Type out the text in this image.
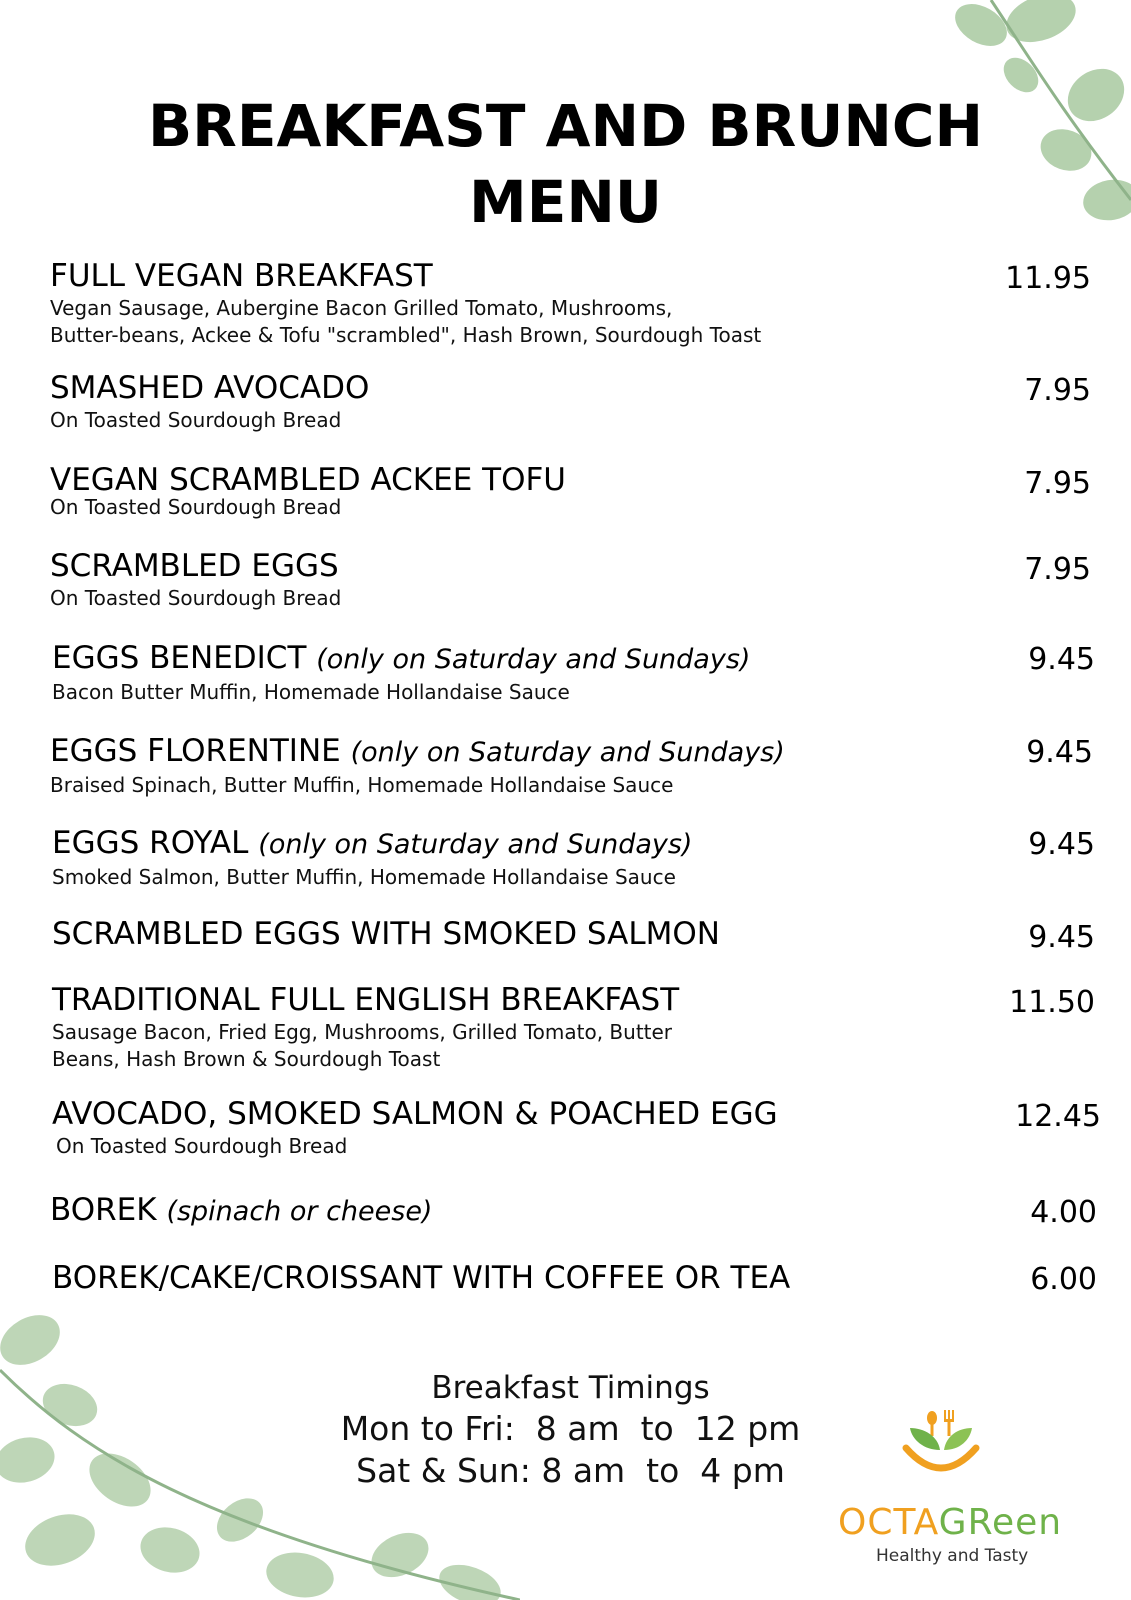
BREAKFAST AND BRUNCH
MENU
FULL VEGAN BREAKFAST
Vegan Sausage, Aubergine Bacon Grilled Tomato, Mushrooms,
Butter-beans, Ackee & Tofu "scrambled", Hash Brown, Sourdough Toast
11.95
SMASHED AVOCADO
On Toasted Sourdough Bread
7.95
VEGAN SCRAMBLED ACKEE TOFU
On Toasted Sourdough Bread
7.95
SCRAMBLED EGGS
On Toasted Sourdough Bread
7.95
EGGS BENEDICT (only on Saturday and Sundays)
Bacon Butter Muffin, Homemade Hollandaise Sauce
9.45
EGGS FLORENTINE (only on Saturday and Sundays)
Braised Spinach, Butter Muffin, Homemade Hollandaise Sauce
9.45
EGGS ROYAL (only on Saturday and Sundays)
Smoked Salmon, Butter Muffin, Homemade Hollandaise Sauce
9.45
SCRAMBLED EGGS WITH SMOKED SALMON	9.45
TRADITIONAL FULL ENGLISH BREAKFAST
Sausage Bacon, Fried Egg, Mushrooms, Grilled Tomato, Butter
Beans, Hash Brown & Sourdough Toast
11.50
AVOCADO, SMOKED SALMON & POACHED EGG
On Toasted Sourdough Bread
12.45
BOREK (spinach or cheese)	4.00
BOREK/CAKE/CROISSANT WITH COFFEE OR TEA	6.00
Breakfast Timings
Mon to Fri:  8 am  to  12 pm
Sat & Sun: 8 am  to  4 pm
OCTAGReen
Healthy and Tasty
